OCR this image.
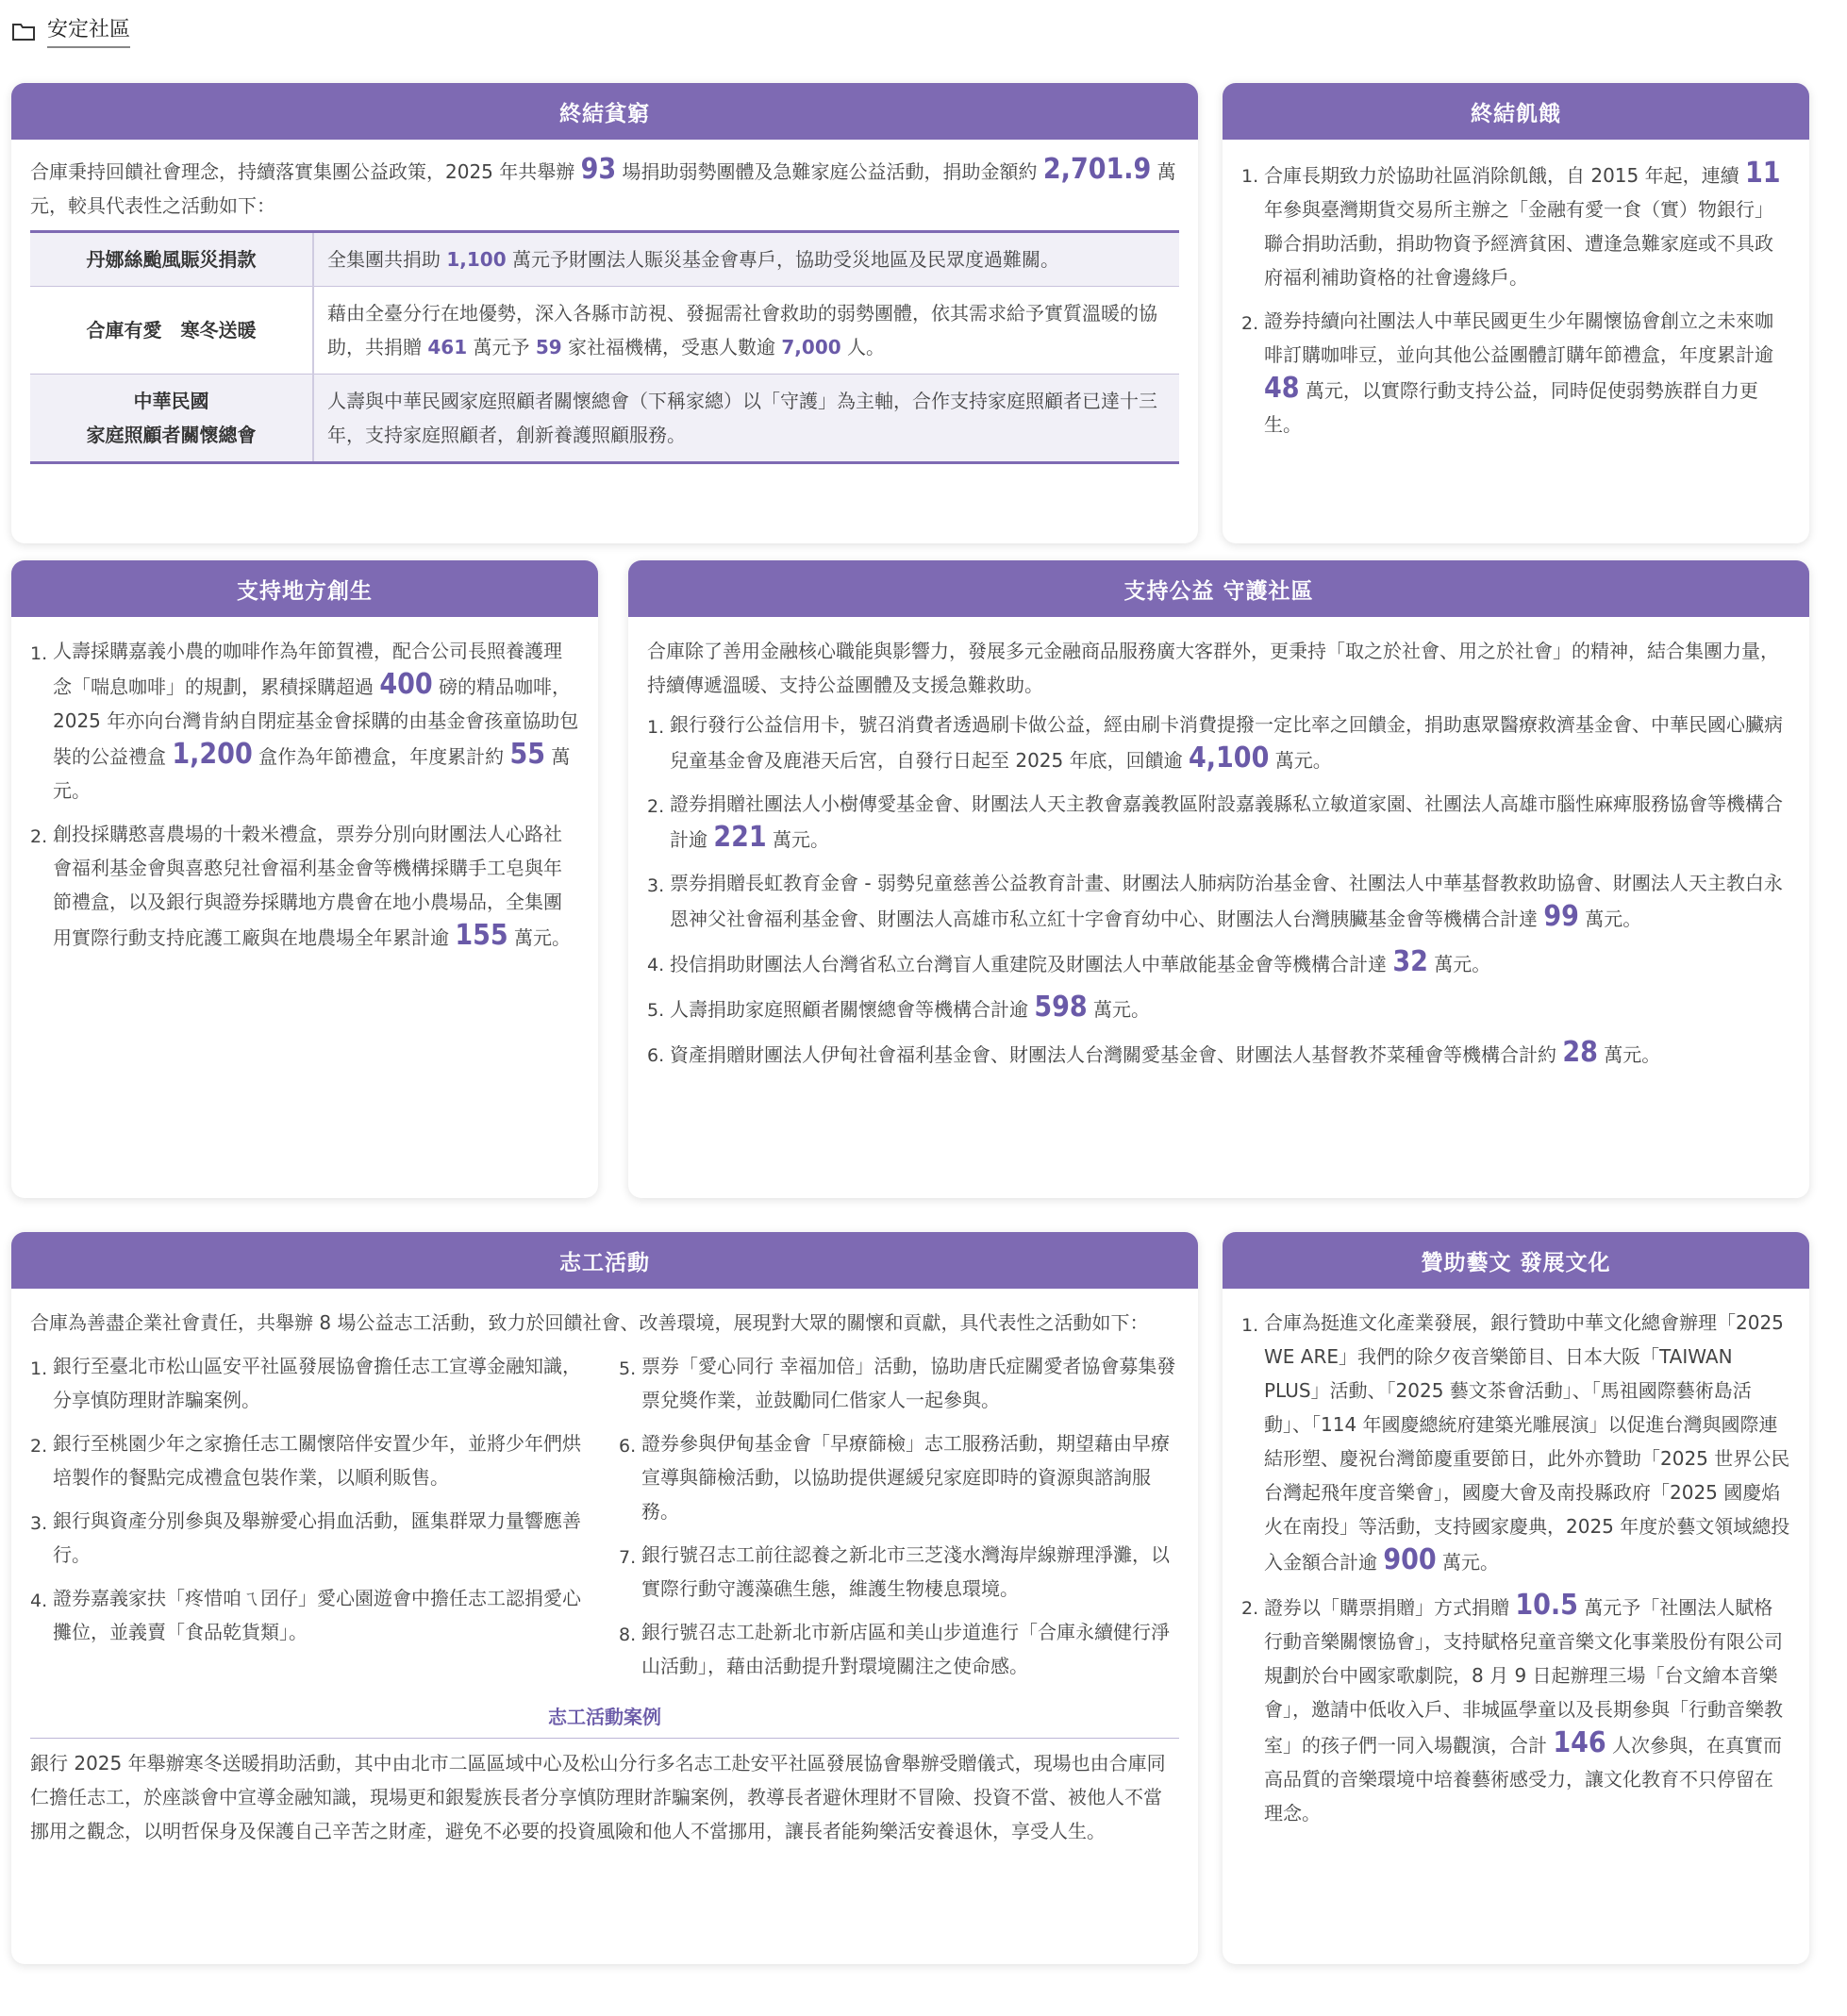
安定社區
終結貧窮
合庫秉持回饋社會理念，持續落實集團公益政策，2025 年共舉辦 93 場捐助弱勢團體及急難家庭公益活動，捐助金額約 2,701.9 萬元，較具代表性之活動如下：
丹娜絲颱風賑災捐款	全集團共捐助 1,100 萬元予財團法人賑災基金會專戶，協助受災地區及民眾度過難關。
合庫有愛　寒冬送暖	藉由全臺分行在地優勢，深入各縣市訪視、發掘需社會救助的弱勢團體，依其需求給予實質溫暖的協助，共捐贈 461 萬元予 59 家社福機構，受惠人數逾 7,000 人。
中華民國
家庭照顧者關懷總會	人壽與中華民國家庭照顧者關懷總會（下稱家總）以「守護」為主軸，合作支持家庭照顧者已達十三年，支持家庭照顧者，創新養護照顧服務。
終結飢餓
1. 合庫長期致力於協助社區消除飢餓，自 2015 年起，連續 11 年參與臺灣期貨交易所主辦之「金融有愛一食（實）物銀行」聯合捐助活動，捐助物資予經濟貧困、遭逢急難家庭或不具政府福利補助資格的社會邊緣戶。
2. 證券持續向社團法人中華民國更生少年關懷協會創立之未來咖啡訂購咖啡豆，並向其他公益團體訂購年節禮盒，年度累計逾 48 萬元，以實際行動支持公益，同時促使弱勢族群自力更生。
支持地方創生
1. 人壽採購嘉義小農的咖啡作為年節賀禮，配合公司長照養護理念「喘息咖啡」的規劃，累積採購超過 400 磅的精品咖啡，2025 年亦向台灣肯納自閉症基金會採購的由基金會孩童協助包裝的公益禮盒 1,200 盒作為年節禮盒，年度累計約 55 萬元。
2. 創投採購憨喜農場的十穀米禮盒，票券分別向財團法人心路社會福利基金會與喜憨兒社會福利基金會等機構採購手工皂與年節禮盒，以及銀行與證券採購地方農會在地小農場品，全集團用實際行動支持庇護工廠與在地農場全年累計逾 155 萬元。
支持公益 守護社區
合庫除了善用金融核心職能與影響力，發展多元金融商品服務廣大客群外，更秉持「取之於社會、用之於社會」的精神，結合集團力量，持續傳遞溫暖、支持公益團體及支援急難救助。
1. 銀行發行公益信用卡，號召消費者透過刷卡做公益，經由刷卡消費提撥一定比率之回饋金，捐助惠眾醫療救濟基金會、中華民國心臟病兒童基金會及鹿港天后宮，自發行日起至 2025 年底，回饋逾 4,100 萬元。
2. 證券捐贈社團法人小樹傳愛基金會、財團法人天主教會嘉義教區附設嘉義縣私立敏道家園、社團法人高雄市腦性麻痺服務協會等機構合計逾 221 萬元。
3. 票券捐贈長虹教育金會 - 弱勢兒童慈善公益教育計畫、財團法人肺病防治基金會、社團法人中華基督教救助協會、財團法人天主教白永恩神父社會福利基金會、財團法人高雄市私立紅十字會育幼中心、財團法人台灣胰臟基金會等機構合計達 99 萬元。
4. 投信捐助財團法人台灣省私立台灣盲人重建院及財團法人中華啟能基金會等機構合計達 32 萬元。
5. 人壽捐助家庭照顧者關懷總會等機構合計逾 598 萬元。
6. 資產捐贈財團法人伊甸社會福利基金會、財團法人台灣關愛基金會、財團法人基督教芥菜種會等機構合計約 28 萬元。
志工活動
合庫為善盡企業社會責任，共舉辦 8 場公益志工活動，致力於回饋社會、改善環境，展現對大眾的關懷和貢獻，具代表性之活動如下：
1. 銀行至臺北市松山區安平社區發展協會擔任志工宣導金融知識，分享慎防理財詐騙案例。
2. 銀行至桃園少年之家擔任志工關懷陪伴安置少年，並將少年們烘培製作的餐點完成禮盒包裝作業，以順利販售。
3. 銀行與資產分別參與及舉辦愛心捐血活動，匯集群眾力量響應善行。
4. 證券嘉義家扶「疼惜咱ㄟ囝仔」愛心園遊會中擔任志工認捐愛心攤位，並義賣「食品乾貨類」。
5. 票券「愛心同行 幸福加倍」活動，協助唐氏症關愛者協會募集發票兌獎作業，並鼓勵同仁偕家人一起參與。
6. 證券參與伊甸基金會「早療篩檢」志工服務活動，期望藉由早療宣導與篩檢活動，以協助提供遲緩兒家庭即時的資源與諮詢服務。
7. 銀行號召志工前往認養之新北市三芝淺水灣海岸線辦理淨灘，以實際行動守護藻礁生態，維護生物棲息環境。
8. 銀行號召志工赴新北市新店區和美山步道進行「合庫永續健行淨山活動」，藉由活動提升對環境關注之使命感。
志工活動案例
銀行 2025 年舉辦寒冬送暖捐助活動，其中由北市二區區域中心及松山分行多名志工赴安平社區發展協會舉辦受贈儀式，現場也由合庫同仁擔任志工，於座談會中宣導金融知識，現場更和銀髮族長者分享慎防理財詐騙案例，教導長者避休理財不冒險、投資不當、被他人不當挪用之觀念，以明哲保身及保護自己辛苦之財產，避免不必要的投資風險和他人不當挪用，讓長者能夠樂活安養退休，享受人生。
贊助藝文 發展文化
1. 合庫為挺進文化產業發展，銀行贊助中華文化總會辦理「2025 WE ARE」我們的除夕夜音樂節目、日本大阪「TAIWAN PLUS」活動、「2025 藝文茶會活動」、「馬祖國際藝術島活動」、「114 年國慶總統府建築光雕展演」以促進台灣與國際連結形塑、慶祝台灣節慶重要節日，此外亦贊助「2025 世界公民 台灣起飛年度音樂會」，國慶大會及南投縣政府「2025 國慶焰火在南投」等活動，支持國家慶典，2025 年度於藝文領域總投入金額合計逾 900 萬元。
2. 證券以「購票捐贈」方式捐贈 10.5 萬元予「社團法人賦格行動音樂關懷協會」，支持賦格兒童音樂文化事業股份有限公司規劃於台中國家歌劇院，8 月 9 日起辦理三場「台文繪本音樂會」，邀請中低收入戶、非城區學童以及長期參與「行動音樂教室」的孩子們一同入場觀演，合計 146 人次參與，在真實而高品質的音樂環境中培養藝術感受力，讓文化教育不只停留在理念。
